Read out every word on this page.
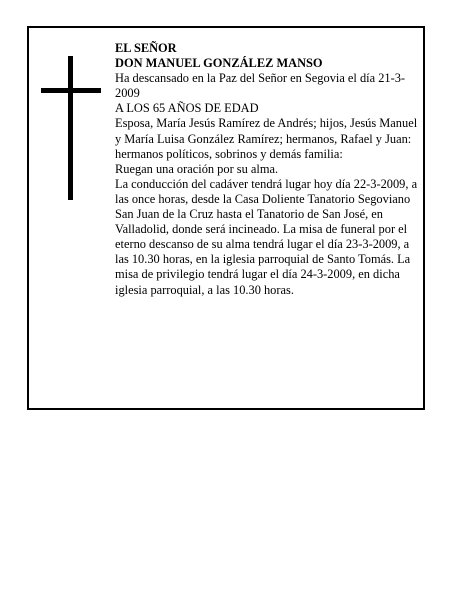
EL SEÑOR

DON MANUEL GONZÁLEZ MANSO

Ha descansado en la Paz del Señor en Segovia el día 21-3-2009

A LOS 65 AÑOS DE EDAD

Esposa, María Jesús Ramírez de Andrés; hijos, Jesús Manuel y María Luisa González Ramírez; hermanos, Rafael y Juan: hermanos políticos, sobrinos y demás familia:

Ruegan una oración por su alma.

La conducción del cadáver tendrá lugar hoy día 22-3-2009, a las once horas, desde la Casa Doliente Tanatorio Segoviano San Juan de la Cruz hasta el Tanatorio de San José, en Valladolid, donde será incineado. La misa de funeral por el eterno descanso de su alma tendrá lugar el día 23-3-2009, a las 10.30 horas, en la iglesia parroquial de Santo Tomás. La misa de privilegio tendrá lugar el día 24-3-2009, en dicha iglesia parroquial, a las 10.30 horas.
